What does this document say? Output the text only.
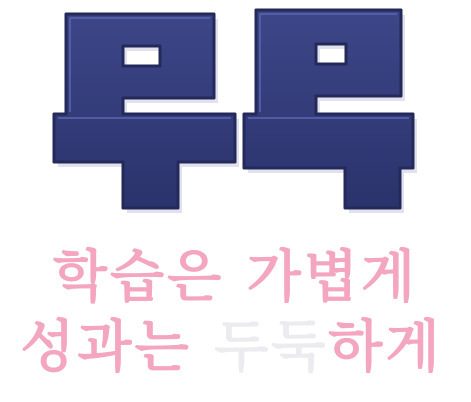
학습은 가볍게
성과는 두둑하게
